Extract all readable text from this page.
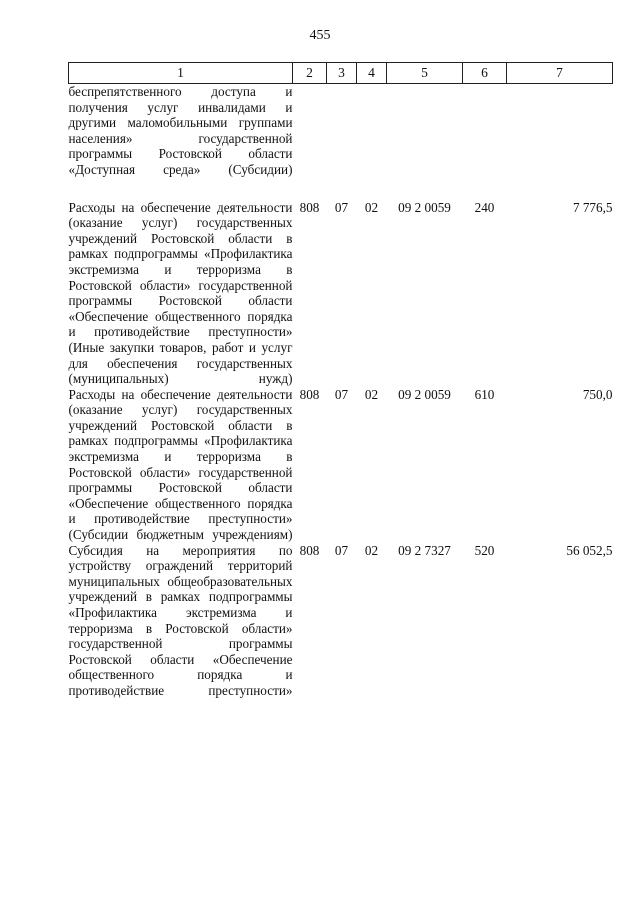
455
1	2	3	4	5	6	7
беспрепятственного доступа и получения услуг инвалидами и другими маломобильными группами населения» государственной программы Ростовской области «Доступная среда» (Субсидии)						
Расходы на обеспечение деятельности (оказание услуг) государственных учреждений Ростовской области в рамках подпрограммы «Профилактика экстремизма и терроризма в Ростовской области» государственной программы Ростовской области «Обеспечение общественного порядка и противодействие преступности» (Иные закупки товаров, работ и услуг для обеспечения государственных (муниципальных) нужд)	808	07	02	09 2 0059	240	7 776,5
Расходы на обеспечение деятельности (оказание услуг) государственных учреждений Ростовской области в рамках подпрограммы «Профилактика экстремизма и терроризма в Ростовской области» государственной программы Ростовской области «Обеспечение общественного порядка и противодействие преступности» (Субсидии бюджетным учреждениям)	808	07	02	09 2 0059	610	750,0
Субсидия на мероприятия по устройству ограждений территорий муниципальных общеобразовательных учреждений в рамках подпрограммы «Профилактика экстремизма и терроризма в Ростовской области» государственной программы Ростовской области «Обеспечение общественного порядка и противодействие преступности»	808	07	02	09 2 7327	520	56 052,5
